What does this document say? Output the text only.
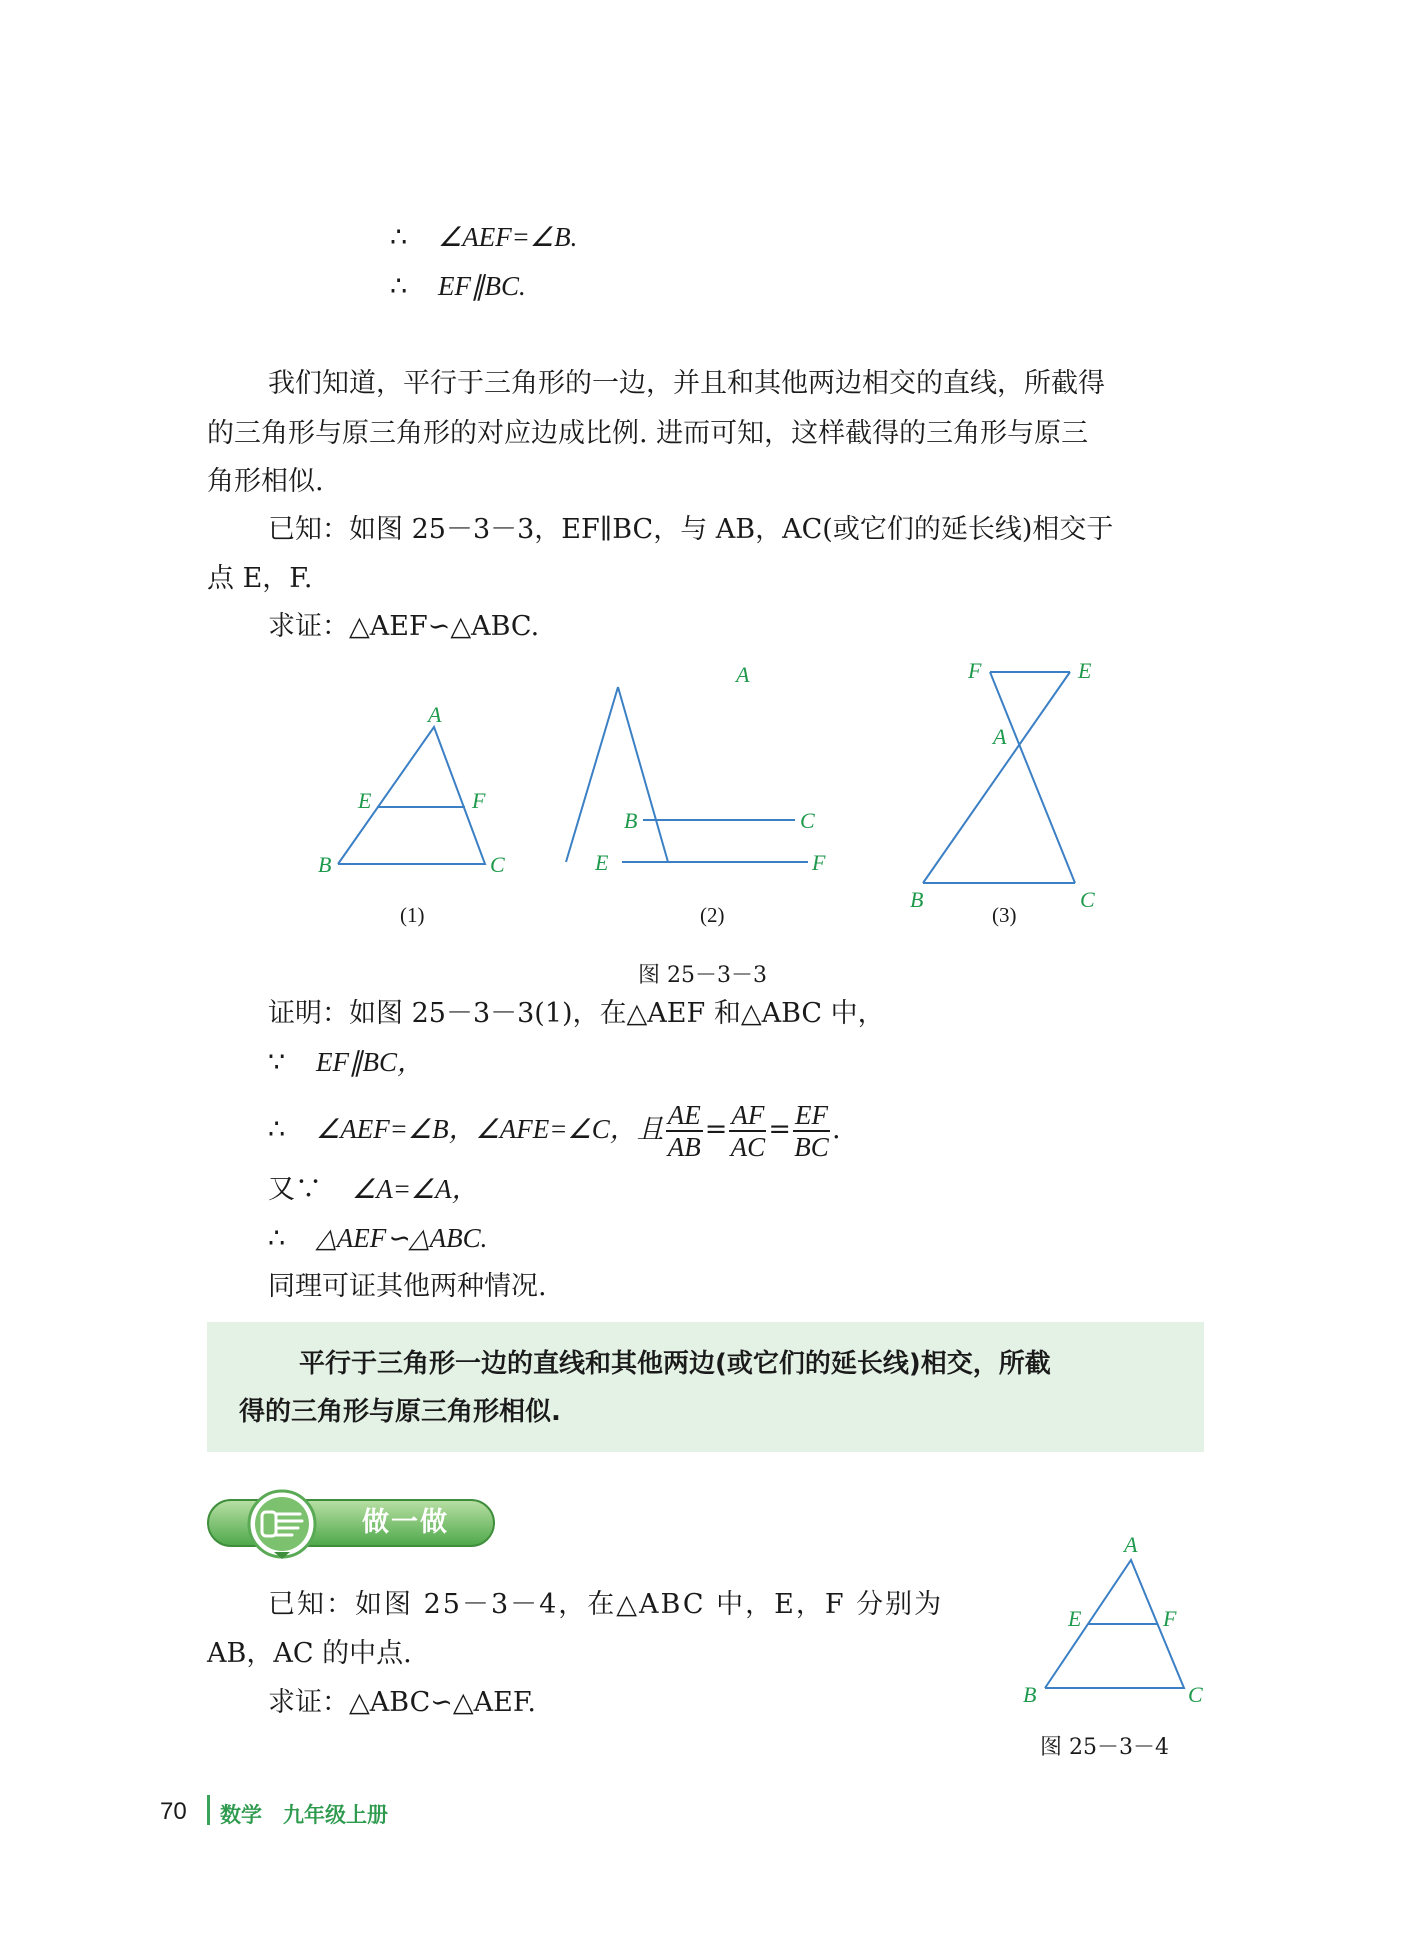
∴ ∠AEF=∠B.
∴ EF∥BC.
我们知道，平行于三角形的一边，并且和其他两边相交的直线，所截得
的三角形与原三角形的对应边成比例. 进而可知，这样截得的三角形与原三
角形相似.
已知：如图 25－3－3，EF∥BC，与 AB，AC(或它们的延长线)相交于
点 E，F.
求证：△AEF∽△ABC.
A
E	F
B	C
(1)
A
B	C
E	F
(2)
F	E
A
B	C
(3)
图 25－3－3
证明：如图 25－3－3(1)，在△AEF 和△ABC 中，
∵ EF∥BC，
∴ ∠AEF=∠B，∠AFE=∠C，且 $\frac{AE}{AB} = \frac{AF}{AC} = \frac{EF}{BC}$ .
又∵ ∠A=∠A，
∴ △AEF∽△ABC.
同理可证其他两种情况.
平行于三角形一边的直线和其他两边(或它们的延长线)相交，所截
得的三角形与原三角形相似.
做一做
已知：如图 25－3－4，在△ABC 中，E，F 分别为
AB，AC 的中点.
求证：△ABC∽△AEF.
A
E	F
B	C
图 25－3－4
70 数学　九年级上册
